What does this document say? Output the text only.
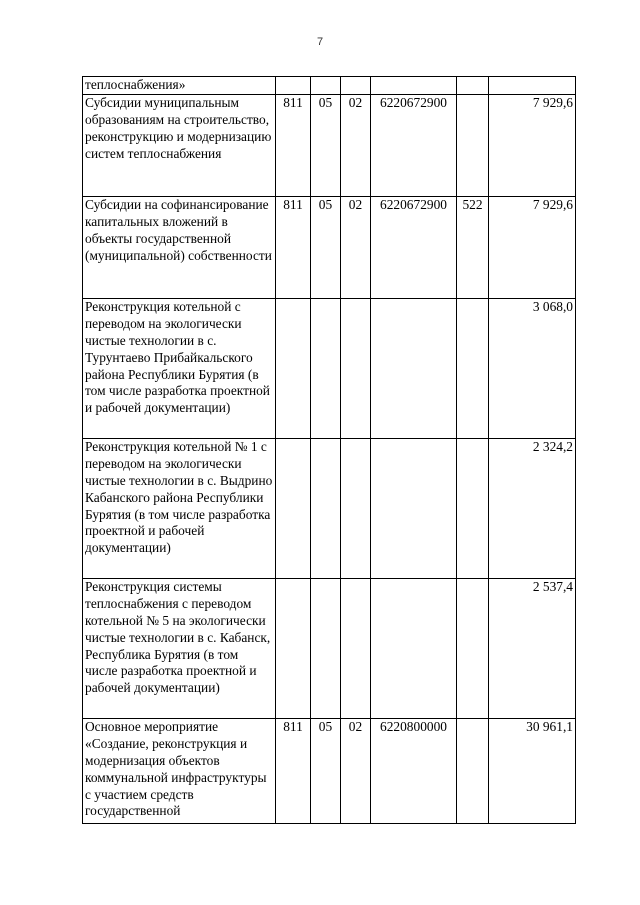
7
теплоснабжения»						
Субсидии муниципальным образованиям на строительство, реконструкцию и модернизацию систем теплоснабжения	811	05	02	6220672900		7 929,6
Субсидии на софинансирование капитальных вложений в объекты государственной (муниципальной) собственности	811	05	02	6220672900	522	7 929,6
Реконструкция котельной с переводом на экологически чистые технологии в с. Турунтаево Прибайкальского района Республики Бурятия (в том числе разработка проектной и рабочей документации)						3 068,0
Реконструкция котельной № 1 с переводом на экологически чистые технологии в с. Выдрино Кабанского района Республики Бурятия (в том числе разработка проектной и рабочей документации)						2 324,2
Реконструкция системы теплоснабжения с переводом котельной № 5 на экологически чистые технологии в с. Кабанск, Республика Бурятия (в том числе разработка проектной и рабочей документации)						2 537,4
Основное мероприятие «Создание, реконструкция и модернизация объектов коммунальной инфраструктуры с участием средств государственной	811	05	02	6220800000		30 961,1
